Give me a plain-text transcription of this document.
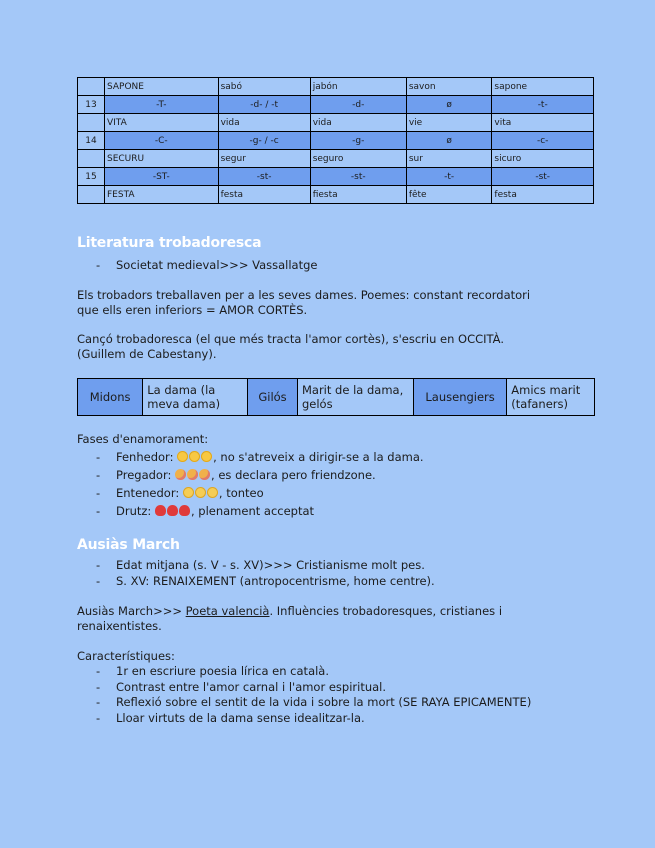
	SAPONE	sabó	jabón	savon	sapone
13	-T-	-d- / -t	-d-	ø	-t-
	VITA	vida	vida	vie	vita
14	-C-	-g- / -c	-g-	ø	-c-
	SECURU	segur	seguro	sur	sicuro
15	-ST-	-st-	-st-	-t-	-st-
	FESTA	festa	fiesta	fête	festa
Literatura trobadoresca
- Societat medieval>>> Vassallatge
Els trobadors treballaven per a les seves dames. Poemes: constant recordatori
que ells eren inferiors = AMOR CORTÈS.
Cançó trobadoresca (el que més tracta l'amor cortès), s'escriu en OCCITÀ.
(Guillem de Cabestany).
Midons	La dama (la meva dama)	Gilós	Marit de la dama, gelós	Lausengiers	Amics marit (tafaners)
Fases d'enamorament:
- Fenhedor:	, no s'atreveix a dirigir-se a la dama.
- Pregador:	, es declara pero friendzone.
- Entenedor:	, tonteo
- Drutz:	, plenament acceptat
Ausiàs March
- Edat mitjana (s. V - s. XV)>>> Cristianisme molt pes.
- S. XV: RENAIXEMENT (antropocentrisme, home centre).
Ausiàs March>>> Poeta valencià. Influències trobadoresques, cristianes i
renaixentistes.
Característiques:
- 1r en escriure poesia lírica en català.
- Contrast entre l'amor carnal i l'amor espiritual.
- Reflexió sobre el sentit de la vida i sobre la mort (SE RAYA EPICAMENTE)
- Lloar virtuts de la dama sense idealitzar-la.
